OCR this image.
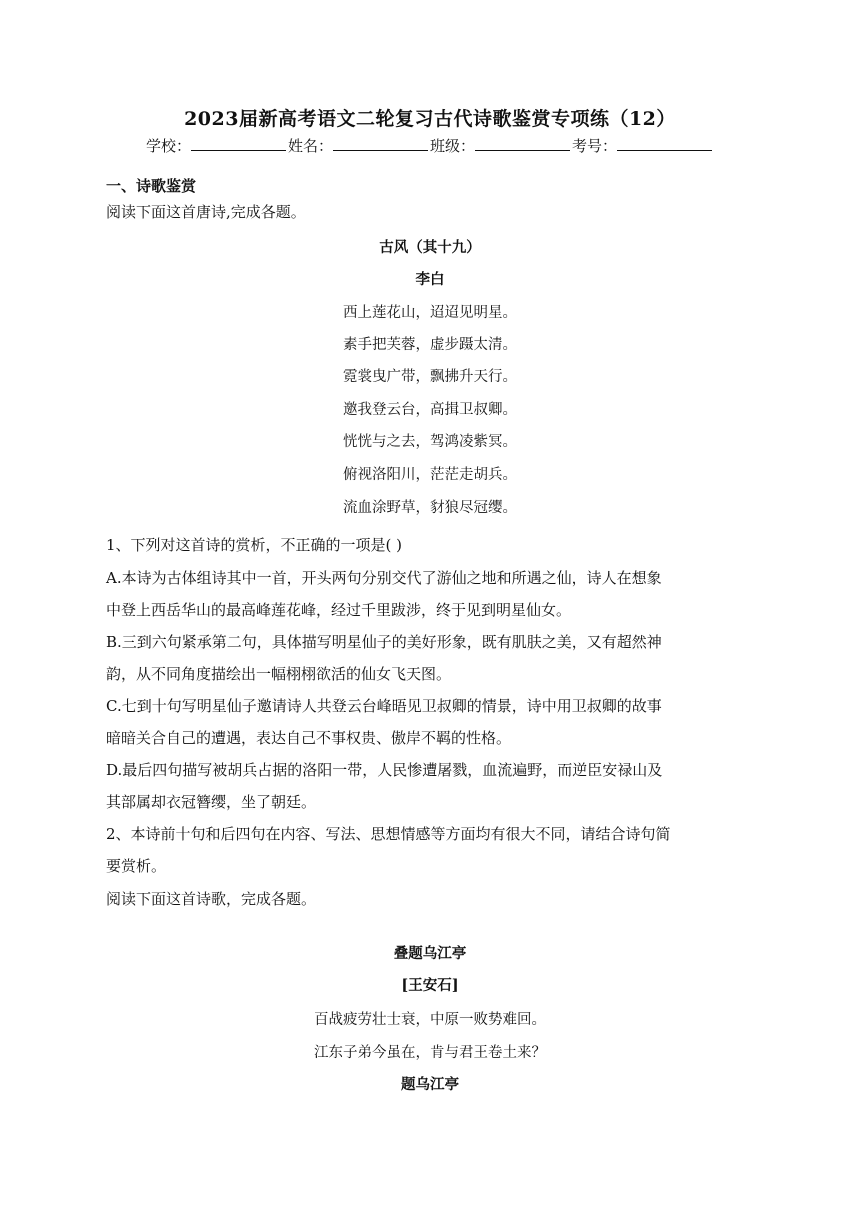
2023届新高考语文二轮复习古代诗歌鉴赏专项练（12）
学校：	姓名：	班级：	考号：
一、诗歌鉴赏
阅读下面这首唐诗,完成各题。
古风（其十九）
李白
西上莲花山，迢迢见明星。
素手把芙蓉，虚步蹑太清。
霓裳曳广带，飘拂升天行。
邀我登云台，高揖卫叔卿。
恍恍与之去，驾鸿凌紫冥。
俯视洛阳川，茫茫走胡兵。
流血涂野草，豺狼尽冠缨。
1、下列对这首诗的赏析，不正确的一项是( )
A.本诗为古体组诗其中一首，开头两句分别交代了游仙之地和所遇之仙，诗人在想象
中登上西岳华山的最高峰莲花峰，经过千里跋涉，终于见到明星仙女。
B.三到六句紧承第二句，具体描写明星仙子的美好形象，既有肌肤之美，又有超然神
韵，从不同角度描绘出一幅栩栩欲活的仙女飞天图。
C.七到十句写明星仙子邀请诗人共登云台峰晤见卫叔卿的情景，诗中用卫叔卿的故事
暗暗关合自己的遭遇，表达自己不事权贵、傲岸不羁的性格。
D.最后四句描写被胡兵占据的洛阳一带，人民惨遭屠戮，血流遍野，而逆臣安禄山及
其部属却衣冠簪缨，坐了朝廷。
2、本诗前十句和后四句在内容、写法、思想情感等方面均有很大不同，请结合诗句简
要赏析。
阅读下面这首诗歌，完成各题。
叠题乌江亭
[王安石]
百战疲劳壮士衰，中原一败势难回。
江东子弟今虽在，肯与君王卷土来？
题乌江亭
